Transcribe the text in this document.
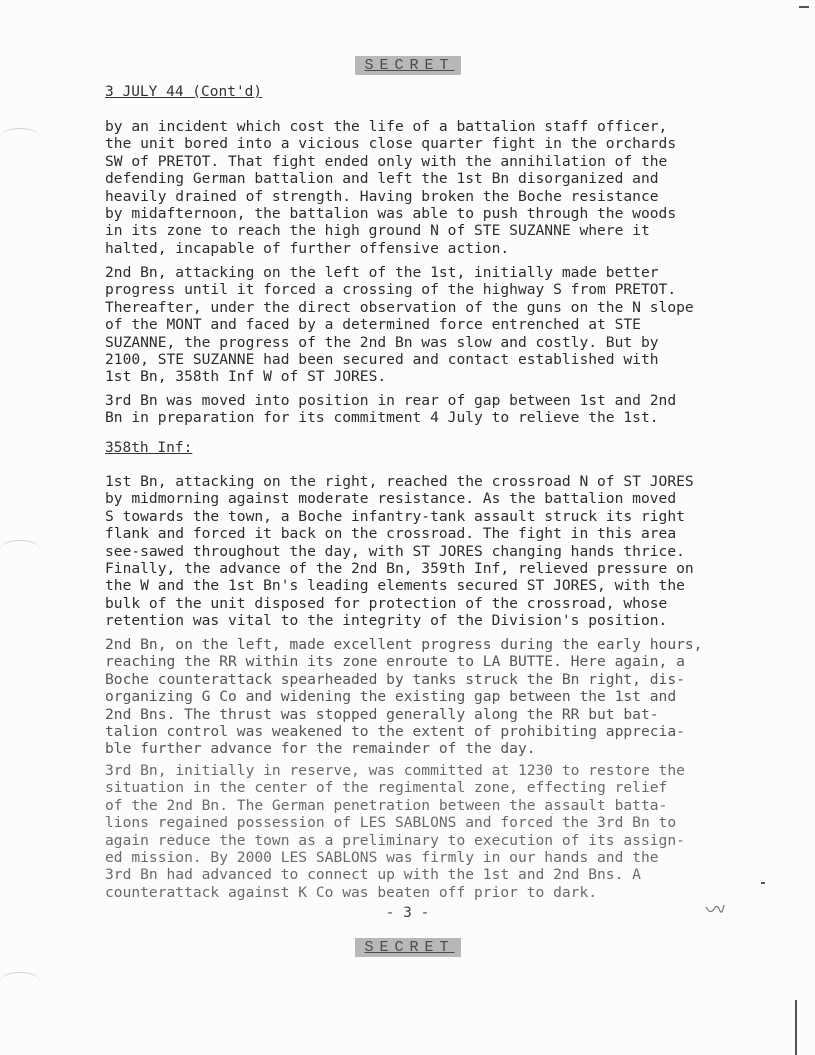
SECRET
3 JULY 44 (Cont'd)
by an incident which cost the life of a battalion staff officer,
the unit bored into a vicious close quarter fight in the orchards
SW of PRETOT. That fight ended only with the annihilation of the
defending German battalion and left the 1st Bn disorganized and
heavily drained of strength. Having broken the Boche resistance
by midafternoon, the battalion was able to push through the woods
in its zone to reach the high ground N of STE SUZANNE where it
halted, incapable of further offensive action.
2nd Bn, attacking on the left of the 1st, initially made better
progress until it forced a crossing of the highway S from PRETOT.
Thereafter, under the direct observation of the guns on the N slope
of the MONT and faced by a determined force entrenched at STE
SUZANNE, the progress of the 2nd Bn was slow and costly. But by
2100, STE SUZANNE had been secured and contact established with
1st Bn, 358th Inf W of ST JORES.
3rd Bn was moved into position in rear of gap between 1st and 2nd
Bn in preparation for its commitment 4 July to relieve the 1st.
358th Inf:
1st Bn, attacking on the right, reached the crossroad N of ST JORES
by midmorning against moderate resistance. As the battalion moved
S towards the town, a Boche infantry-tank assault struck its right
flank and forced it back on the crossroad. The fight in this area
see-sawed throughout the day, with ST JORES changing hands thrice.
Finally, the advance of the 2nd Bn, 359th Inf, relieved pressure on
the W and the 1st Bn's leading elements secured ST JORES, with the
bulk of the unit disposed for protection of the crossroad, whose
retention was vital to the integrity of the Division's position.
2nd Bn, on the left, made excellent progress during the early hours,
reaching the RR within its zone enroute to LA BUTTE. Here again, a
Boche counterattack spearheaded by tanks struck the Bn right, dis-
organizing G Co and widening the existing gap between the 1st and
2nd Bns. The thrust was stopped generally along the RR but bat-
talion control was weakened to the extent of prohibiting apprecia-
ble further advance for the remainder of the day.
3rd Bn, initially in reserve, was committed at 1230 to restore the
situation in the center of the regimental zone, effecting relief
of the 2nd Bn. The German penetration between the assault batta-
lions regained possession of LES SABLONS and forced the 3rd Bn to
again reduce the town as a preliminary to execution of its assign-
ed mission. By 2000 LES SABLONS was firmly in our hands and the
3rd Bn had advanced to connect up with the 1st and 2nd Bns. A
counterattack against K Co was beaten off prior to dark.
- 3 -
SECRET
